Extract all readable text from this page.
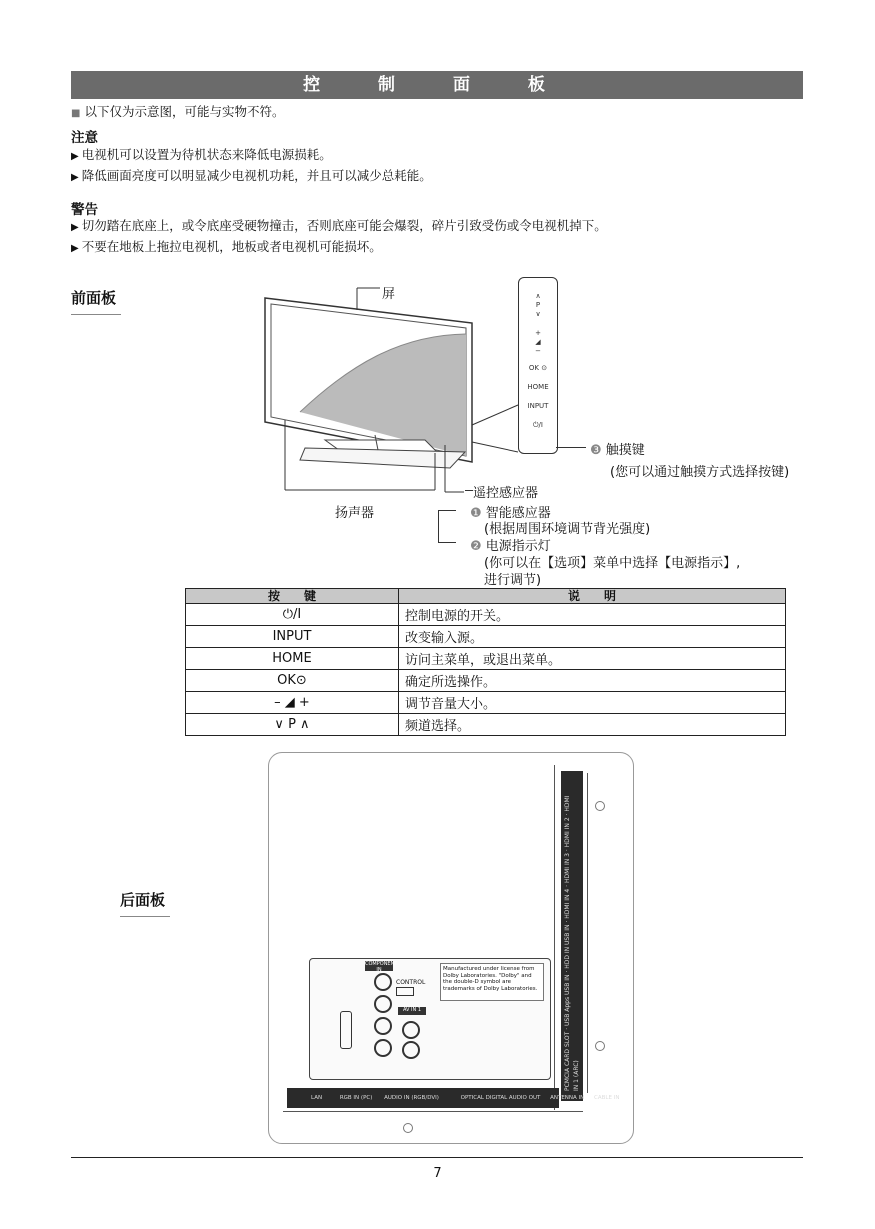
控 制 面 板
■ 以下仅为示意图，可能与实物不符。
注意
▶ 电视机可以设置为待机状态来降低电源损耗。
▶ 降低画面亮度可以明显减少电视机功耗，并且可以减少总耗能。
警告
▶ 切勿踏在底座上，或令底座受硬物撞击，否则底座可能会爆裂，碎片引致受伤或令电视机掉下。
▶ 不要在地板上拖拉电视机，地板或者电视机可能损坏。
前面板	屏
扬声器
∧
P
∨
+
◢
−
OK ⊙
HOME
INPUT
⏻/I
❸ 触摸键
(您可以通过触摸方式选择按键)
遥控感应器
❶ 智能感应器
(根据周围环境调节背光强度)
❷ 电源指示灯
(你可以在【选项】菜单中选择【电源指示】,
进行调节)
按　　键	说　　明
⏻/I	控制电源的开关。
INPUT	改变输入源。
HOME	访问主菜单，或退出菜单。
OK⊙	确定所选操作。
– ◢ +	调节音量大小。
∨ P ∧	频道选择。
后面板
PCMCIA CARD SLOT · USB Apps USB IN · HDD IN USB IN · HDMI IN 4 · HDMI IN 3 · HDMI IN 2 · HDMI IN 1 (ARC)
Manufactured under license from Dolby Laboratories. "Dolby" and the double-D symbol are trademarks of Dolby Laboratories.
COMPONENT IN
CONTROL
AV IN 1
LAN	RGB IN (PC) AUDIO IN (RGB/DVI)	OPTICAL DIGITAL AUDIO OUT ANTENNA IN CABLE IN
7
